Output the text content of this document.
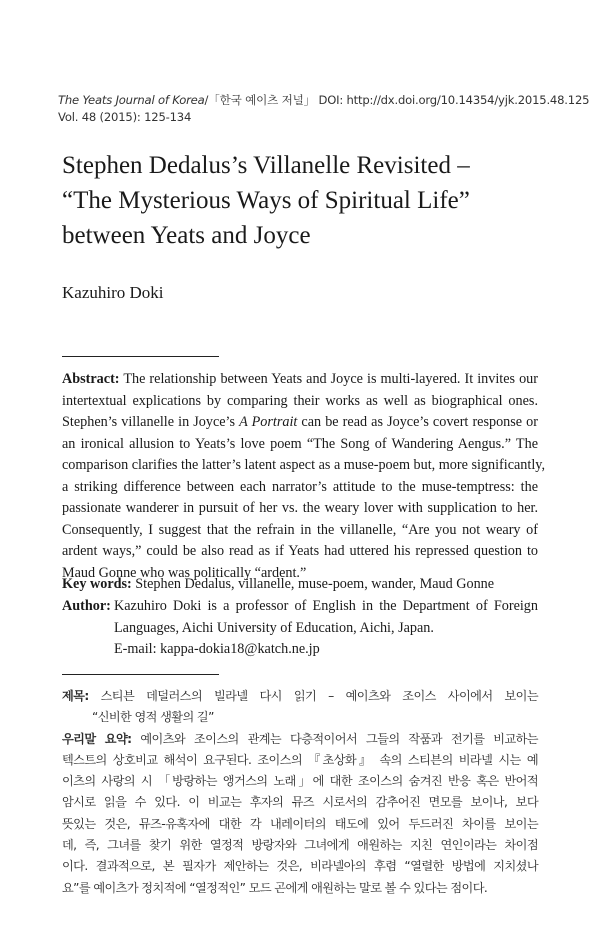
The Yeats Journal of Korea/「한국 예이츠 저널」 DOI: http://dx.doi.org/10.14354/yjk.2015.48.125
Vol. 48 (2015): 125-134
Stephen Dedalus’s Villanelle Revisited –
“The Mysterious Ways of Spiritual Life”
between Yeats and Joyce
Kazuhiro Doki
Abstract: The relationship between Yeats and Joyce is multi-layered. It invites our
intertextual explications by comparing their works as well as biographical ones.
Stephen’s villanelle in Joyce’s A Portrait can be read as Joyce’s covert response or
an ironical allusion to Yeats’s love poem “The Song of Wandering Aengus.” The
comparison clarifies the latter’s latent aspect as a muse-poem but, more significantly,
a striking difference between each narrator’s attitude to the muse-temptress: the
passionate wanderer in pursuit of her vs. the weary lover with supplication to her.
Consequently, I suggest that the refrain in the villanelle, “Are you not weary of
ardent ways,” could be also read as if Yeats had uttered his repressed question to
Maud Gonne who was politically “ardent.”
Key words: Stephen Dedalus, villanelle, muse-poem, wander, Maud Gonne
Author: Kazuhiro Doki is a professor of English in the Department of Foreign
Languages, Aichi University of Education, Aichi, Japan.
E-mail: kappa-dokia18@katch.ne.jp
제목: 스티븐 데덜러스의 빌라넬 다시 읽기 – 예이츠와 조이스 사이에서 보이는
“신비한 영적 생활의 길”
우리말 요약: 예이츠와 조이스의 관계는 다층적이어서 그들의 작품과 전기를 비교하는
텍스트의 상호비교 해석이 요구된다. 조이스의 『초상화』 속의 스티븐의 비라넬 시는 예
이츠의 사랑의 시 「방랑하는 앵거스의 노래」에 대한 조이스의 숨겨진 반응 혹은 반어적
암시로 읽을 수 있다. 이 비교는 후자의 뮤즈 시로서의 감추어진 면모를 보이나, 보다
뜻있는 것은, 뮤즈-유혹자에 대한 각 내레이터의 태도에 있어 두드러진 차이를 보이는
데, 즉, 그녀를 찾기 위한 열정적 방랑자와 그녀에게 애원하는 지친 연인이라는 차이점
이다. 결과적으로, 본 필자가 제안하는 것은, 비라넬아의 후렴 “열렬한 방법에 지치셨나
요”를 예이츠가 정치적에 “열정적인” 모드 곤에게 애원하는 말로 볼 수 있다는 점이다.
